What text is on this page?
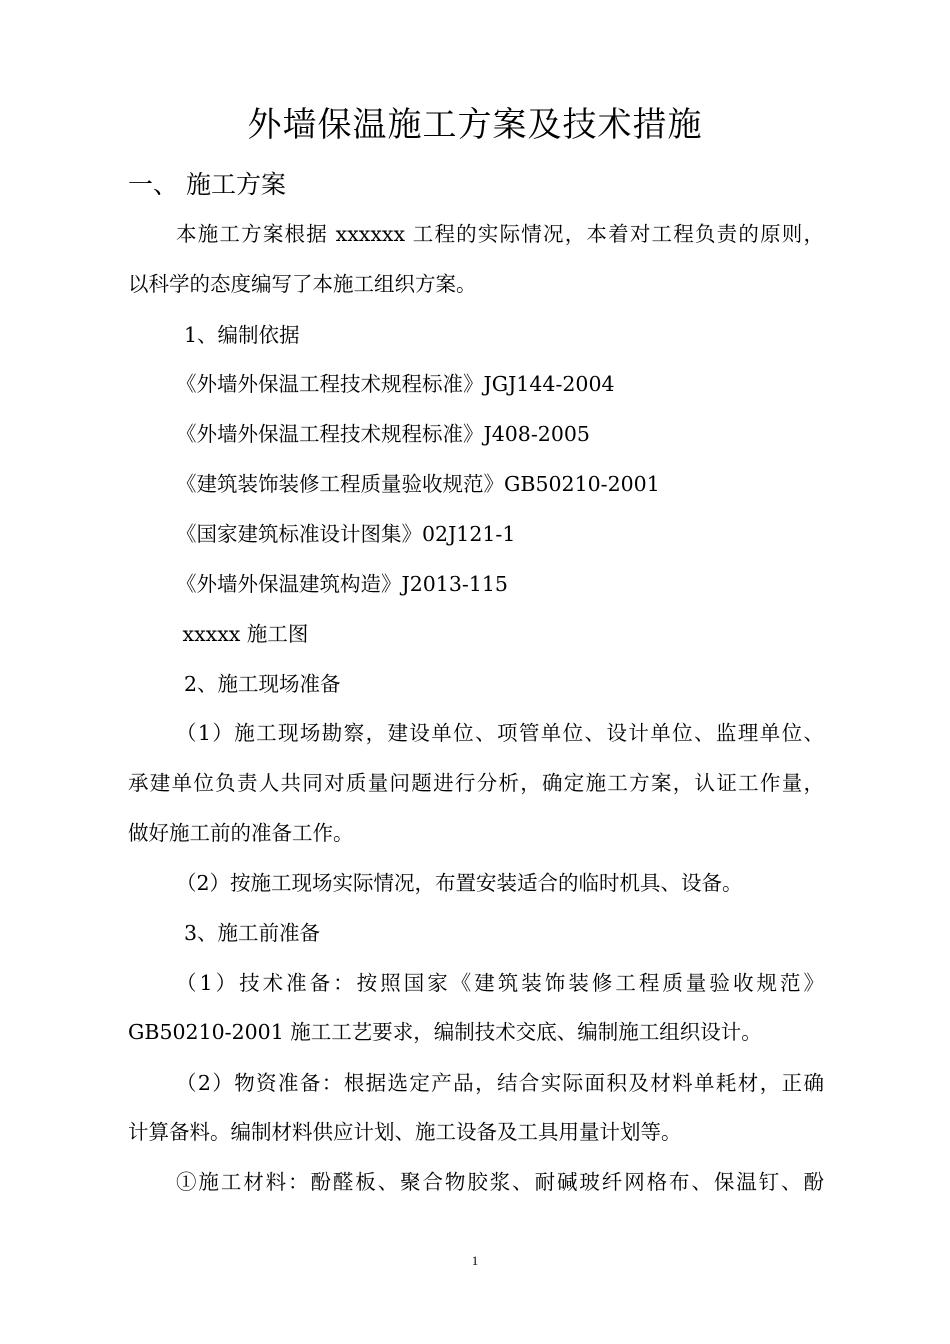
外墙保温施工方案及技术措施
一、 施工方案
本施工方案根据 xxxxxx 工程的实际情况，本着对工程负责的原则，
以科学的态度编写了本施工组织方案。
1、编制依据
《外墙外保温工程技术规程标准》JGJ144-2004
《外墙外保温工程技术规程标准》J408-2005
《建筑装饰装修工程质量验收规范》GB50210-2001
《国家建筑标准设计图集》02J121-1
《外墙外保温建筑构造》J2013-115
xxxxx 施工图
2、施工现场准备
（1）施工现场勘察，建设单位、项管单位、设计单位、监理单位、
承建单位负责人共同对质量问题进行分析，确定施工方案，认证工作量，
做好施工前的准备工作。
（2）按施工现场实际情况，布置安装适合的临时机具、设备。
3、施工前准备
（1）技术准备：按照国家《建筑装饰装修工程质量验收规范》
GB50210-2001 施工工艺要求，编制技术交底、编制施工组织设计。
（2）物资准备：根据选定产品，结合实际面积及材料单耗材，正确
计算备料。编制材料供应计划、施工设备及工具用量计划等。
①施工材料：酚醛板、聚合物胶浆、耐碱玻纤网格布、保温钉、酚
1
